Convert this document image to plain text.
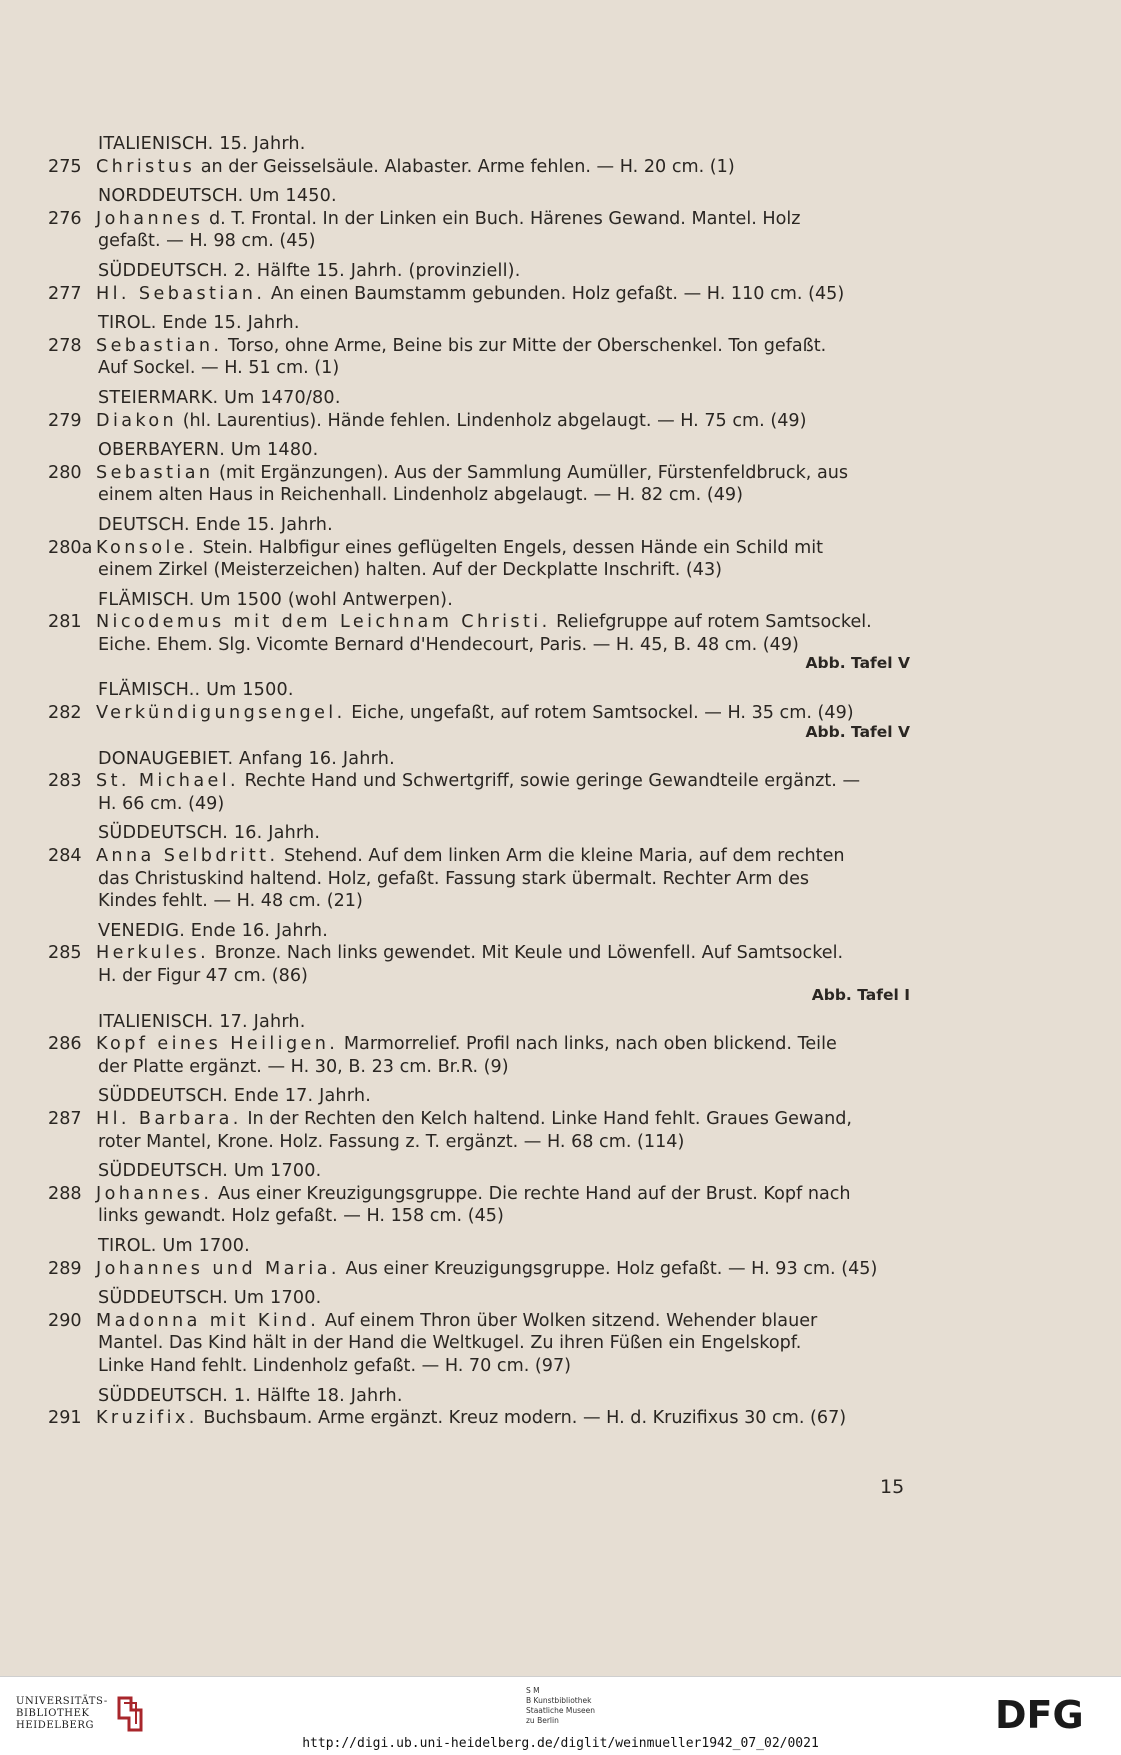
ITALIENISCH. 15. Jahrh.
275 Christus an der Geisselsäule. Alabaster. Arme fehlen. — H. 20 cm. (1)
NORDDEUTSCH. Um 1450.
276 Johannes d. T. Frontal. In der Linken ein Buch. Härenes Gewand. Mantel. Holz
gefaßt. — H. 98 cm. (45)
SÜDDEUTSCH. 2. Hälfte 15. Jahrh. (provinziell).
277 Hl. Sebastian. An einen Baumstamm gebunden. Holz gefaßt. — H. 110 cm. (45)
TIROL. Ende 15. Jahrh.
278 Sebastian. Torso, ohne Arme, Beine bis zur Mitte der Oberschenkel. Ton gefaßt.
Auf Sockel. — H. 51 cm. (1)
STEIERMARK. Um 1470/80.
279 Diakon (hl. Laurentius). Hände fehlen. Lindenholz abgelaugt. — H. 75 cm. (49)
OBERBAYERN. Um 1480.
280 Sebastian (mit Ergänzungen). Aus der Sammlung Aumüller, Fürstenfeldbruck, aus
einem alten Haus in Reichenhall. Lindenholz abgelaugt. — H. 82 cm. (49)
DEUTSCH. Ende 15. Jahrh.
280a Konsole. Stein. Halbfigur eines geflügelten Engels, dessen Hände ein Schild mit
einem Zirkel (Meisterzeichen) halten. Auf der Deckplatte Inschrift. (43)
FLÄMISCH. Um 1500 (wohl Antwerpen).
281 Nicodemus mit dem Leichnam Christi. Reliefgruppe auf rotem Samtsockel.
Eiche. Ehem. Slg. Vicomte Bernard d'Hendecourt, Paris. — H. 45, B. 48 cm. (49)
Abb. Tafel V
FLÄMISCH.. Um 1500.
282 Verkündigungsengel. Eiche, ungefaßt, auf rotem Samtsockel. — H. 35 cm. (49)
Abb. Tafel V
DONAUGEBIET. Anfang 16. Jahrh.
283 St. Michael. Rechte Hand und Schwertgriff, sowie geringe Gewandteile ergänzt. —
H. 66 cm. (49)
SÜDDEUTSCH. 16. Jahrh.
284 Anna Selbdritt. Stehend. Auf dem linken Arm die kleine Maria, auf dem rechten
das Christuskind haltend. Holz, gefaßt. Fassung stark übermalt. Rechter Arm des
Kindes fehlt. — H. 48 cm. (21)
VENEDIG. Ende 16. Jahrh.
285 Herkules. Bronze. Nach links gewendet. Mit Keule und Löwenfell. Auf Samtsockel.
H. der Figur 47 cm. (86)
Abb. Tafel I
ITALIENISCH. 17. Jahrh.
286 Kopf eines Heiligen. Marmorrelief. Profil nach links, nach oben blickend. Teile
der Platte ergänzt. — H. 30, B. 23 cm. Br.R. (9)
SÜDDEUTSCH. Ende 17. Jahrh.
287 Hl. Barbara. In der Rechten den Kelch haltend. Linke Hand fehlt. Graues Gewand,
roter Mantel, Krone. Holz. Fassung z. T. ergänzt. — H. 68 cm. (114)
SÜDDEUTSCH. Um 1700.
288 Johannes. Aus einer Kreuzigungsgruppe. Die rechte Hand auf der Brust. Kopf nach
links gewandt. Holz gefaßt. — H. 158 cm. (45)
TIROL. Um 1700.
289 Johannes und Maria. Aus einer Kreuzigungsgruppe. Holz gefaßt. — H. 93 cm. (45)
SÜDDEUTSCH. Um 1700.
290 Madonna mit Kind. Auf einem Thron über Wolken sitzend. Wehender blauer
Mantel. Das Kind hält in der Hand die Weltkugel. Zu ihren Füßen ein Engelskopf.
Linke Hand fehlt. Lindenholz gefaßt. — H. 70 cm. (97)
SÜDDEUTSCH. 1. Hälfte 18. Jahrh.
291 Kruzifix. Buchsbaum. Arme ergänzt. Kreuz modern. — H. d. Kruzifixus 30 cm. (67)
15
UNIVERSITÄTS-
BIBLIOTHEK
HEIDELBERG
S M
B Kunstbibliothek
Staatliche Museen
zu Berlin	DFG
http://digi.ub.uni-heidelberg.de/diglit/weinmueller1942_07_02/0021
